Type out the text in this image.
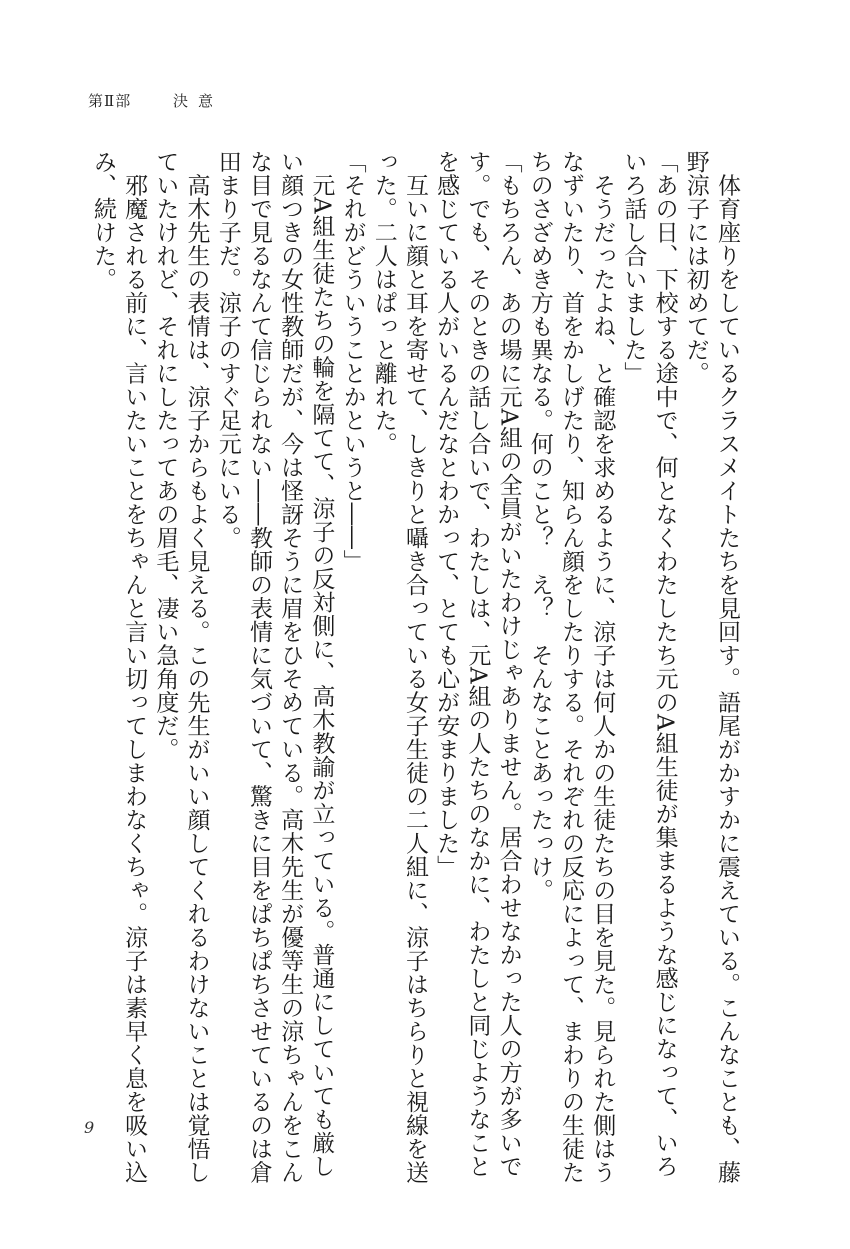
第Ⅱ部	決意
　体育座りをしているクラスメイトたちを見回す。語尾がかすかに震えている。こんなことも、藤
野涼子には初めてだ。
「あの日、下校する途中で、何となくわたしたち元のA組生徒が集まるような感じになって、いろ
いろ話し合いました」
　そうだったよね、と確認を求めるように、涼子は何人かの生徒たちの目を見た。見られた側はう
なずいたり、首をかしげたり、知らん顔をしたりする。それぞれの反応によって、まわりの生徒た
ちのさざめき方も異なる。何のこと？　え？　そんなことあったっけ。
「もちろん、あの場に元A組の全員がいたわけじゃありません。居合わせなかった人の方が多いで
す。でも、そのときの話し合いで、わたしは、元A組の人たちのなかに、わたしと同じようなこと
を感じている人がいるんだなとわかって、とても心が安まりました」
　互いに顔と耳を寄せて、しきりと囁き合っている女子生徒の二人組に、涼子はちらりと視線を送
った。二人はぱっと離れた。
「それがどういうことかというと――」
　元A組生徒たちの輪を隔てて、涼子の反対側に、高木教諭が立っている。普通にしていても厳し
い顔つきの女性教師だが、今は怪訝そうに眉をひそめている。高木先生が優等生の涼ちゃんをこん
な目で見るなんて信じられない――教師の表情に気づいて、驚きに目をぱちぱちさせているのは倉
田まり子だ。涼子のすぐ足元にいる。
　高木先生の表情は、涼子からもよく見える。この先生がいい顔してくれるわけないことは覚悟し
ていたけれど、それにしたってあの眉毛、凄い急角度だ。
　邪魔される前に、言いたいことをちゃんと言い切ってしまわなくちゃ。涼子は素早く息を吸い込
み、続けた。
9
